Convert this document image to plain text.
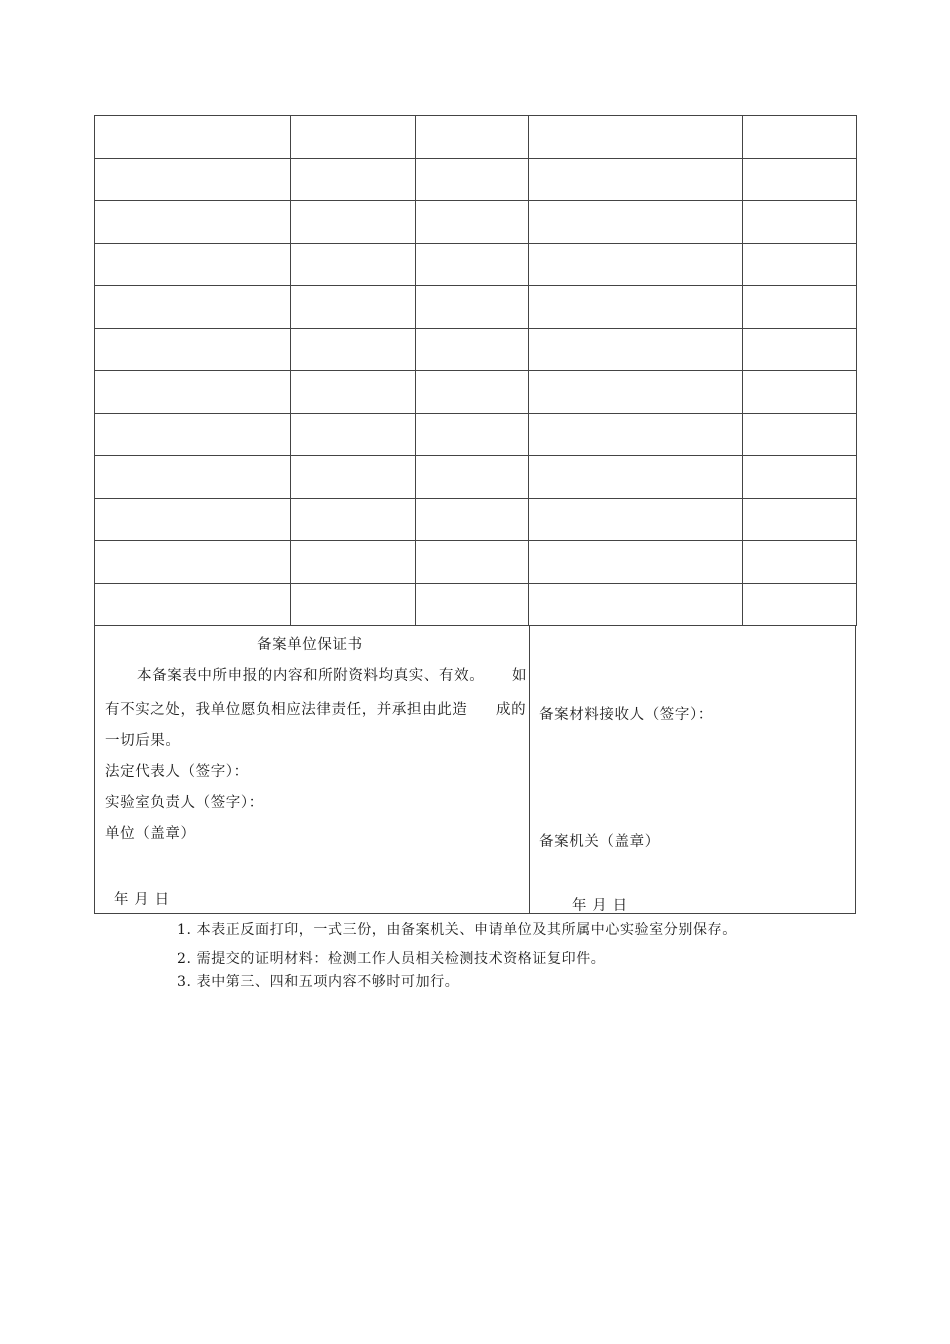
备案单位保证书
本备案表中所申报的内容和所附资料均真实、有效。 如
有不实之处，我单位愿负相应法律责任，并承担由此造 成的
一切后果。
法定代表人（签字）：
实验室负责人（签字）：
单位（盖章）
年 月 日
备案材料接收人（签字）：
备案机关（盖章）
年 月 日
1. 本表正反面打印，一式三份，由备案机关、申请单位及其所属中心实验室分别保存。
2. 需提交的证明材料：检测工作人员相关检测技术资格证复印件。
3. 表中第三、四和五项内容不够时可加行。
